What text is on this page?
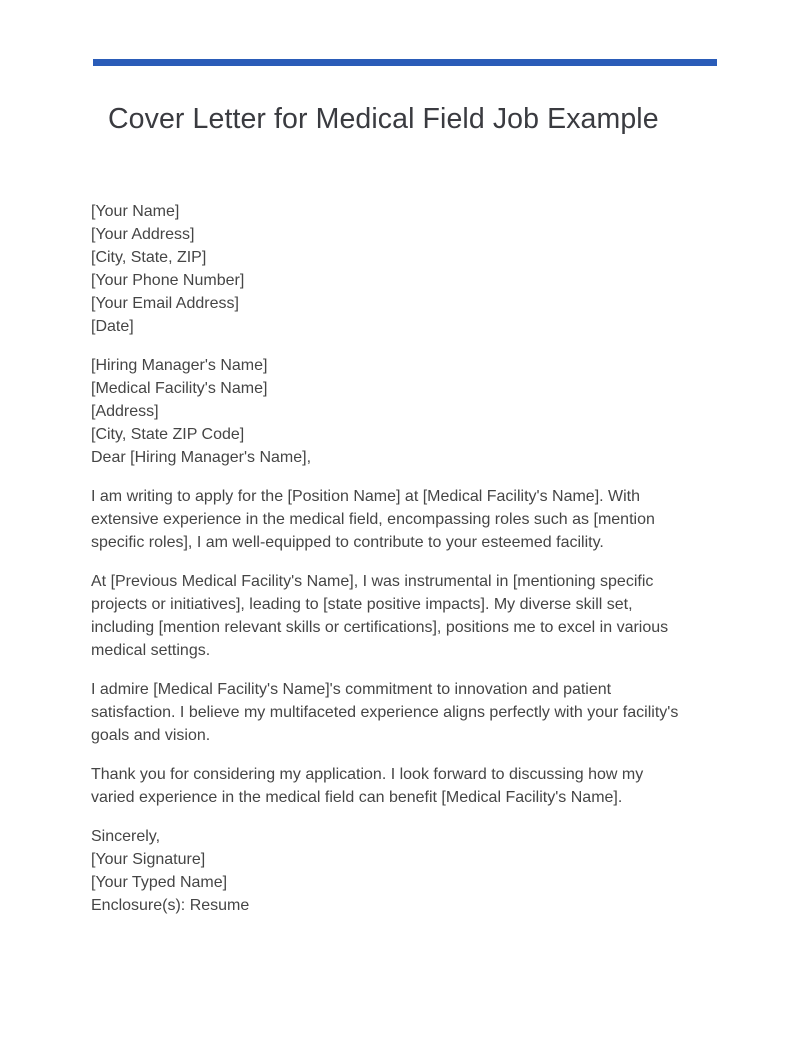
Cover Letter for Medical Field Job Example
[Your Name]
[Your Address]
[City, State, ZIP]
[Your Phone Number]
[Your Email Address]
[Date]
[Hiring Manager's Name]
[Medical Facility's Name]
[Address]
[City, State ZIP Code]
Dear [Hiring Manager's Name],

I am writing to apply for the [Position Name] at [Medical Facility's Name]. With extensive experience in the medical field, encompassing roles such as [mention specific roles], I am well-equipped to contribute to your esteemed facility.

At [Previous Medical Facility's Name], I was instrumental in [mentioning specific projects or initiatives], leading to [state positive impacts]. My diverse skill set, including [mention relevant skills or certifications], positions me to excel in various medical settings.

I admire [Medical Facility's Name]'s commitment to innovation and patient satisfaction. I believe my multifaceted experience aligns perfectly with your facility's goals and vision.

Thank you for considering my application. I look forward to discussing how my varied experience in the medical field can benefit [Medical Facility's Name].

Sincerely,
[Your Signature]
[Your Typed Name]
Enclosure(s): Resume
